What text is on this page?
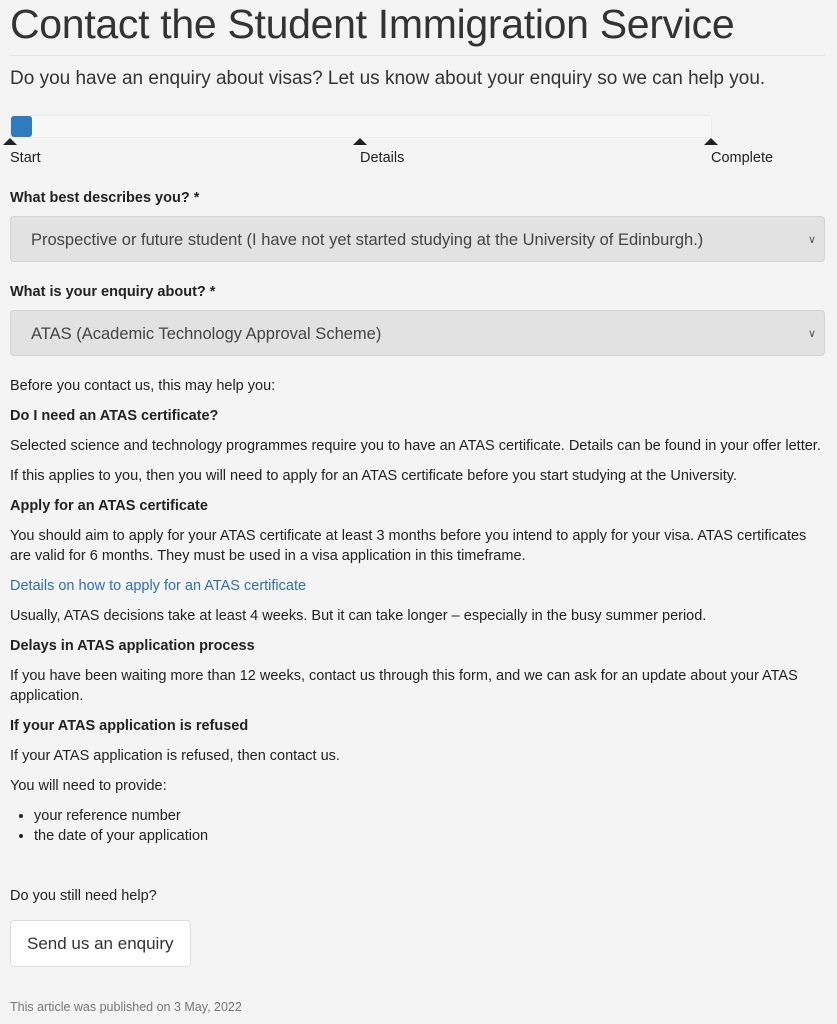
Contact the Student Immigration Service
Do you have an enquiry about visas? Let us know about your enquiry so we can help you.
Start	Details	Complete
What best describes you? *
Prospective or future student (I have not yet started studying at the University of Edinburgh.)	∨
What is your enquiry about? *
ATAS (Academic Technology Approval Scheme)	∨

Before you contact us, this may help you:

Do I need an ATAS certificate?

Selected science and technology programmes require you to have an ATAS certificate. Details can be found in your offer letter.

If this applies to you, then you will need to apply for an ATAS certificate before you start studying at the University.

Apply for an ATAS certificate

You should aim to apply for your ATAS certificate at least 3 months before you intend to apply for your visa. ATAS certificates are valid for 6 months. They must be used in a visa application in this timeframe.

Details on how to apply for an ATAS certificate

Usually, ATAS decisions take at least 4 weeks. But it can take longer – especially in the busy summer period.

Delays in ATAS application process

If you have been waiting more than 12 weeks, contact us through this form, and we can ask for an update about your ATAS application.

If your ATAS application is refused

If your ATAS application is refused, then contact us.

You will need to provide:

• your reference number
• the date of your application

Do you still need help?

Send us an enquiry
This article was published on 3 May, 2022
